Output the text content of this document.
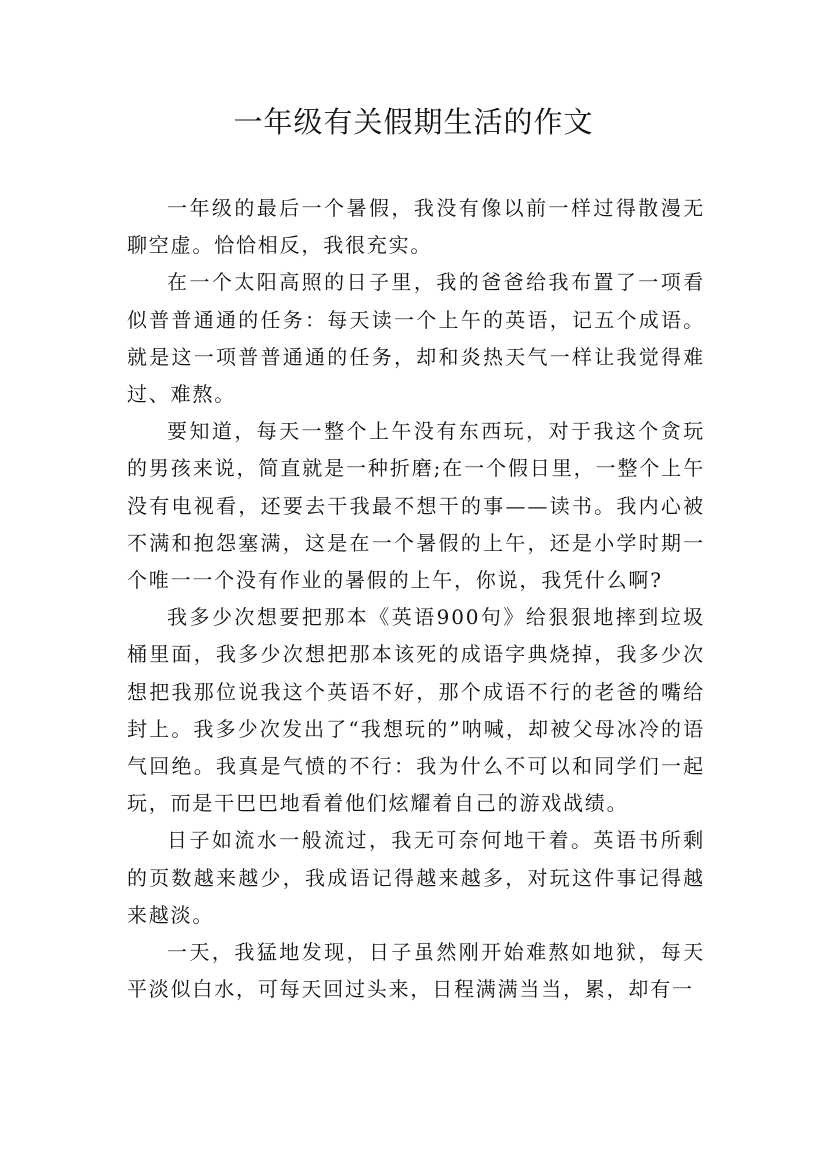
一年级有关假期生活的作文

一年级的最后一个暑假，我没有像以前一样过得散漫无聊空虚。恰恰相反，我很充实。

在一个太阳高照的日子里，我的爸爸给我布置了一项看似普普通通的任务：每天读一个上午的英语，记五个成语。就是这一项普普通通的任务，却和炎热天气一样让我觉得难过、难熬。

要知道，每天一整个上午没有东西玩，对于我这个贪玩的男孩来说，简直就是一种折磨;在一个假日里，一整个上午没有电视看，还要去干我最不想干的事——读书。我内心被不满和抱怨塞满，这是在一个暑假的上午，还是小学时期一个唯一一个没有作业的暑假的上午，你说，我凭什么啊?

我多少次想要把那本《英语900句》给狠狠地摔到垃圾桶里面，我多少次想把那本该死的成语字典烧掉，我多少次想把我那位说我这个英语不好，那个成语不行的老爸的嘴给封上。我多少次发出了“我想玩的”呐喊，却被父母冰冷的语气回绝。我真是气愤的不行：我为什么不可以和同学们一起玩，而是干巴巴地看着他们炫耀着自己的游戏战绩。

日子如流水一般流过，我无可奈何地干着。英语书所剩的页数越来越少，我成语记得越来越多，对玩这件事记得越来越淡。

一天，我猛地发现，日子虽然刚开始难熬如地狱，每天平淡似白水，可每天回过头来，日程满满当当，累，却有一
